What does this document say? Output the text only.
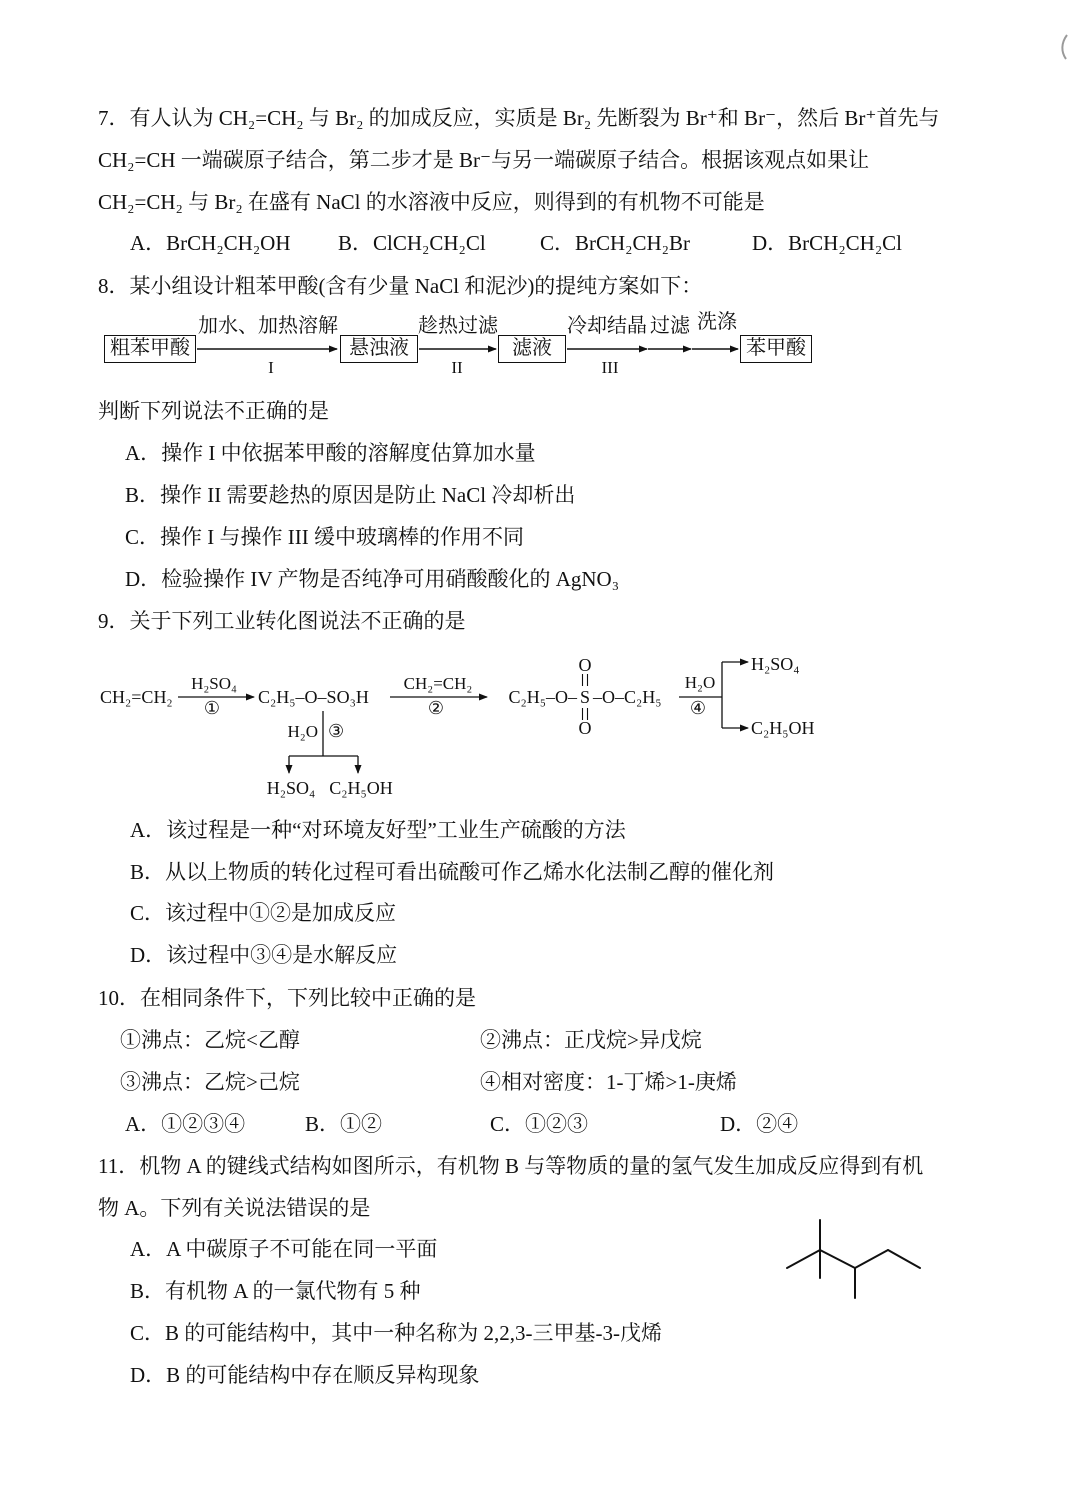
7．有人认为 CH₂=CH₂ 与 Br₂ 的加成反应，实质是 Br₂ 先断裂为 Br⁺和 Br⁻，然后 Br⁺首先与
CH₂=CH 一端碳原子结合，第二步才是 Br⁻与另一端碳原子结合。根据该观点如果让
CH₂=CH₂ 与 Br₂ 在盛有 NaCl 的水溶液中反应，则得到的有机物不可能是
A．BrCH₂CH₂OH B．ClCH₂CH₂Cl	C．BrCH₂CH₂Br	D．BrCH₂CH₂Cl
8．某小组设计粗苯甲酸(含有少量 NaCl 和泥沙)的提纯方案如下：
粗苯甲酸	悬浊液	滤液	苯甲酸
加水、加热溶解	趁热过滤	冷却结晶 过滤 洗涤
I	II	III
判断下列说法不正确的是
A．操作 I 中依据苯甲酸的溶解度估算加水量
B．操作 II 需要趁热的原因是防止 NaCl 冷却析出
C．操作 I 与操作 III 缓中玻璃棒的作用不同
D．检验操作 IV 产物是否纯净可用硝酸酸化的 AgNO₃
9．关于下列工业转化图说法不正确的是
CH₂=CH₂
H₂SO₄
①
C₂H₅–O–SO₃H
CH₂=CH₂
②
C₂H₅–O– S –O–C₂H₅
O
O
H₂O
④
H₂SO₄
C₂H₅OH
H₂O ③
H₂SO₄ C₂H₅OH
A．该过程是一种“对环境友好型”工业生产硫酸的方法
B．从以上物质的转化过程可看出硫酸可作乙烯水化法制乙醇的催化剂
C．该过程中①②是加成反应
D．该过程中③④是水解反应
10．在相同条件下，下列比较中正确的是
①沸点：乙烷<乙醇	②沸点：正戊烷>异戊烷
③沸点：乙烷>己烷	④相对密度：1-丁烯>1-庚烯
A．①②③④	B．①②	C．①②③	D．②④
11．机物 A 的键线式结构如图所示，有机物 B 与等物质的量的氢气发生加成反应得到有机
物 A。下列有关说法错误的是
A．A 中碳原子不可能在同一平面
B．有机物 A 的一氯代物有 5 种
C．B 的可能结构中，其中一种名称为 2,2,3-三甲基-3-戊烯
D．B 的可能结构中存在顺反异构现象
